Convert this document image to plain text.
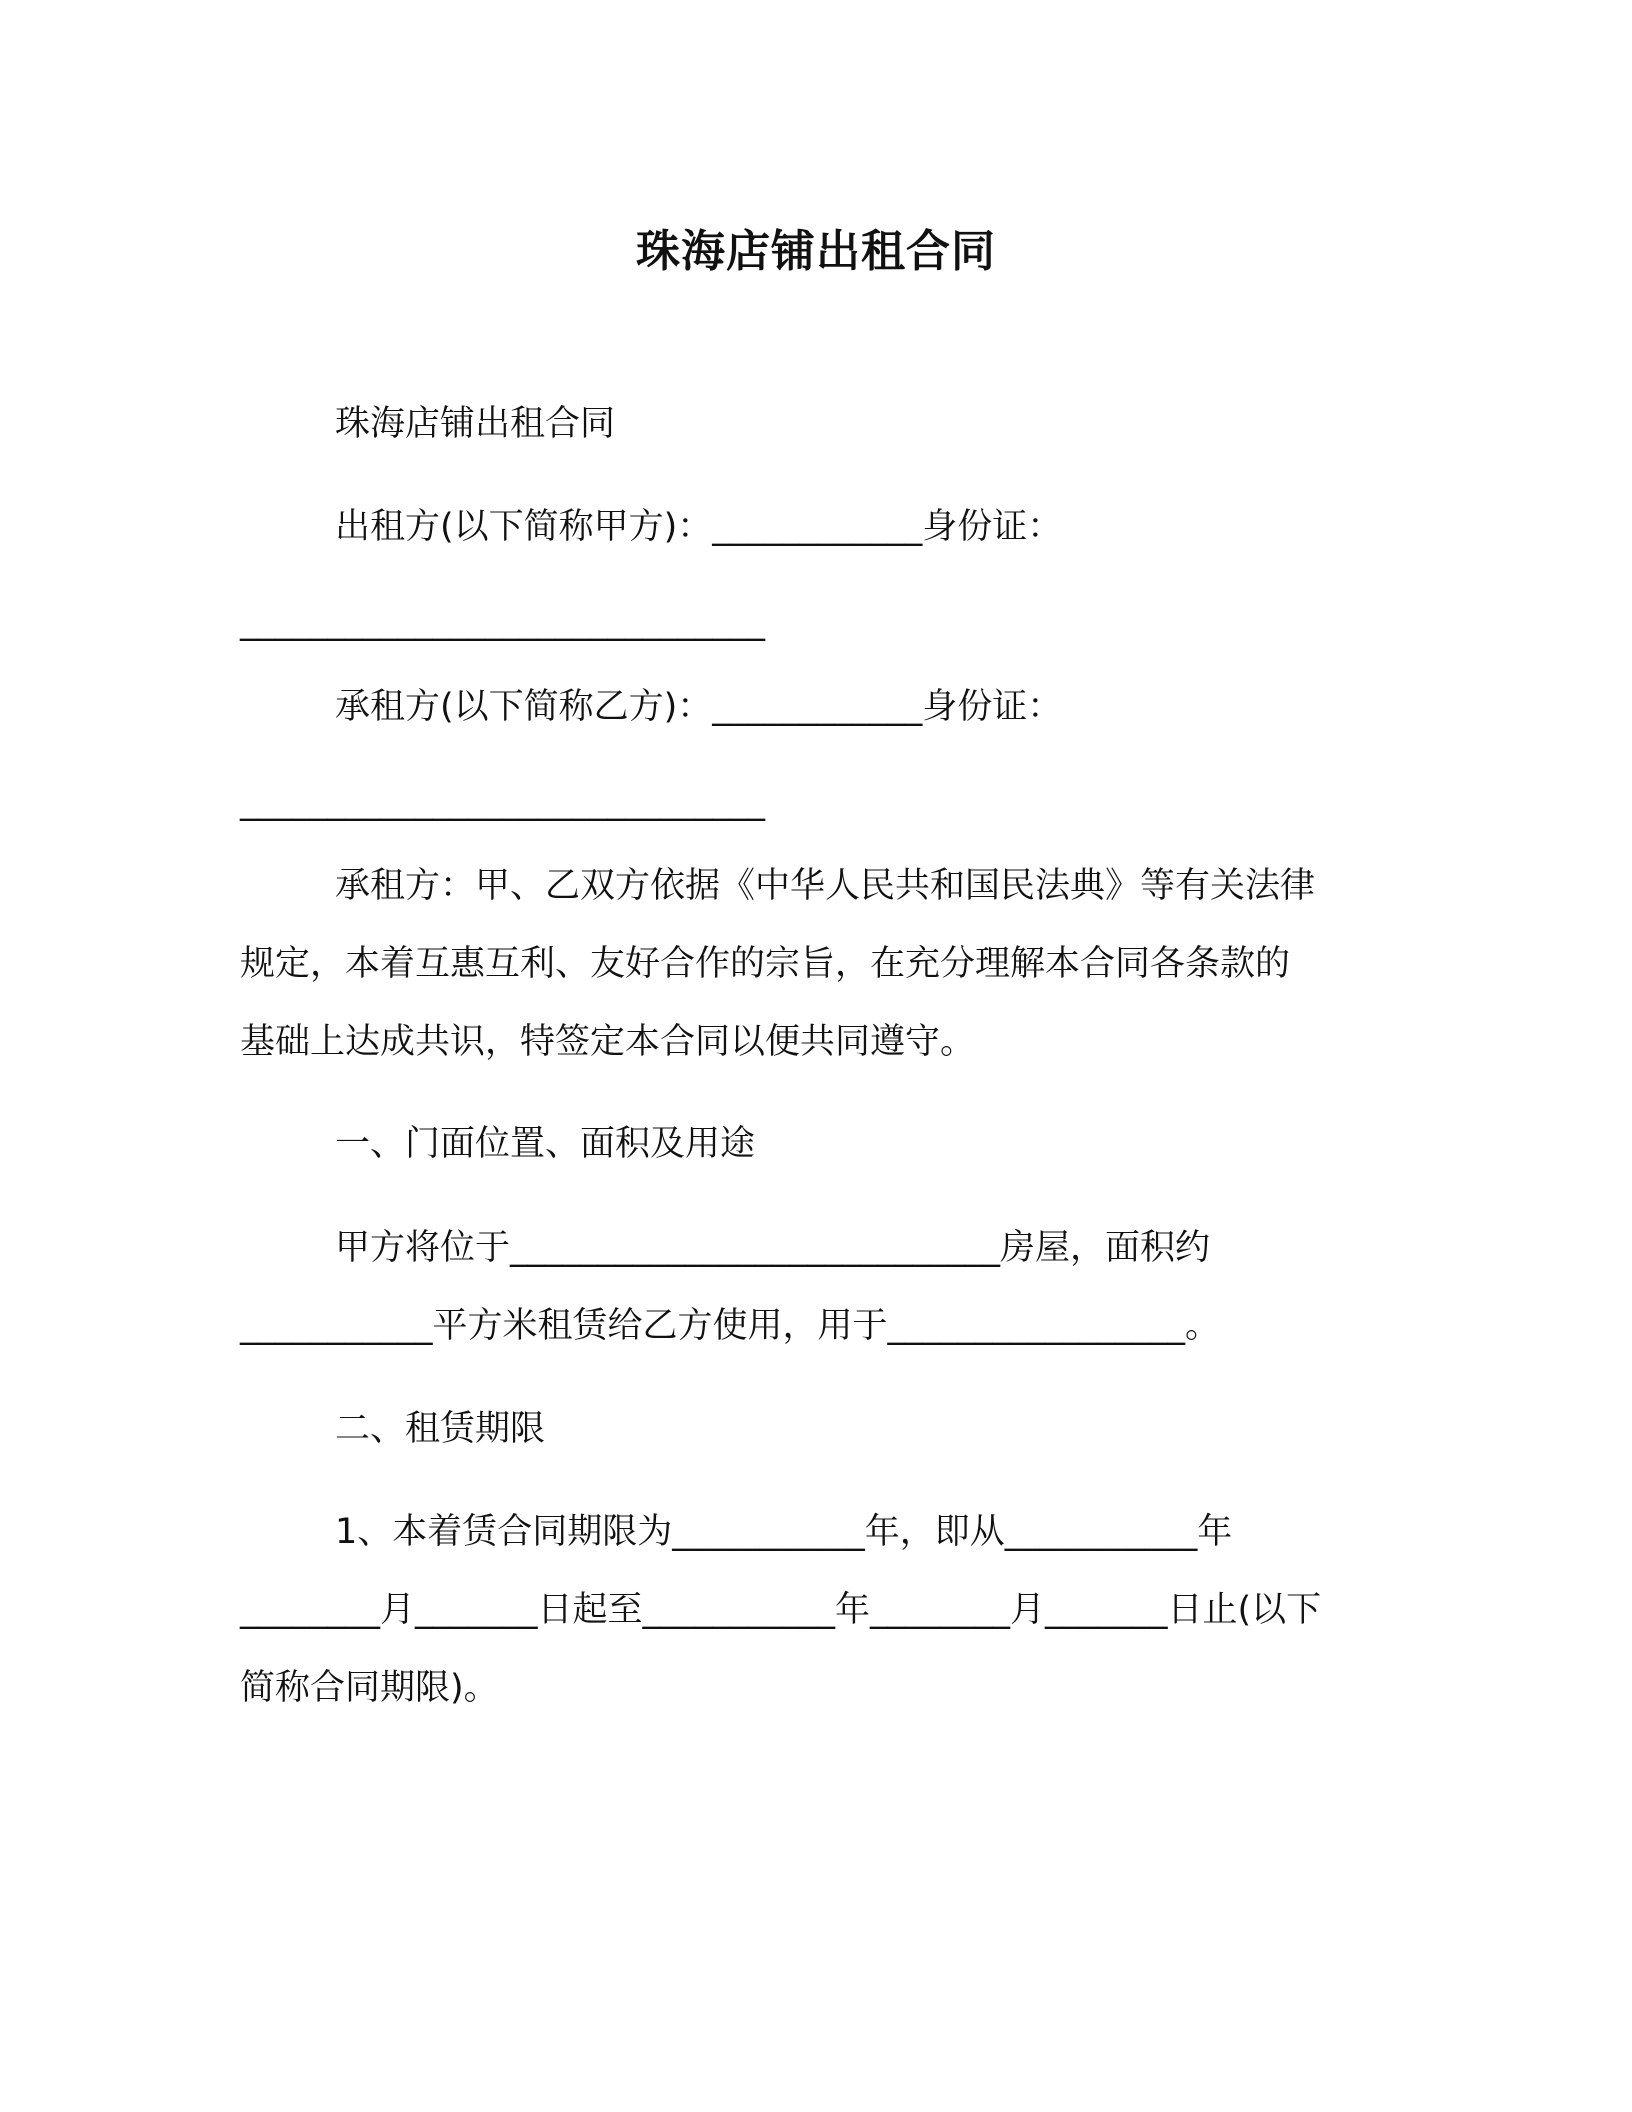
珠海店铺出租合同
珠海店铺出租合同
出租方(以下简称甲方)：____________身份证：
______________________________
承租方(以下简称乙方)：____________身份证：
______________________________
承租方：甲、乙双方依据《中华人民共和国民法典》等有关法律
规定，本着互惠互利、友好合作的宗旨，在充分理解本合同各条款的
基础上达成共识，特签定本合同以便共同遵守。
一、门面位置、面积及用途
甲方将位于____________________________房屋，面积约
___________平方米租赁给乙方使用，用于_________________。
二、租赁期限
1、本着赁合同期限为___________年，即从___________年
________月_______日起至___________年________月_______日止(以下
简称合同期限)。
